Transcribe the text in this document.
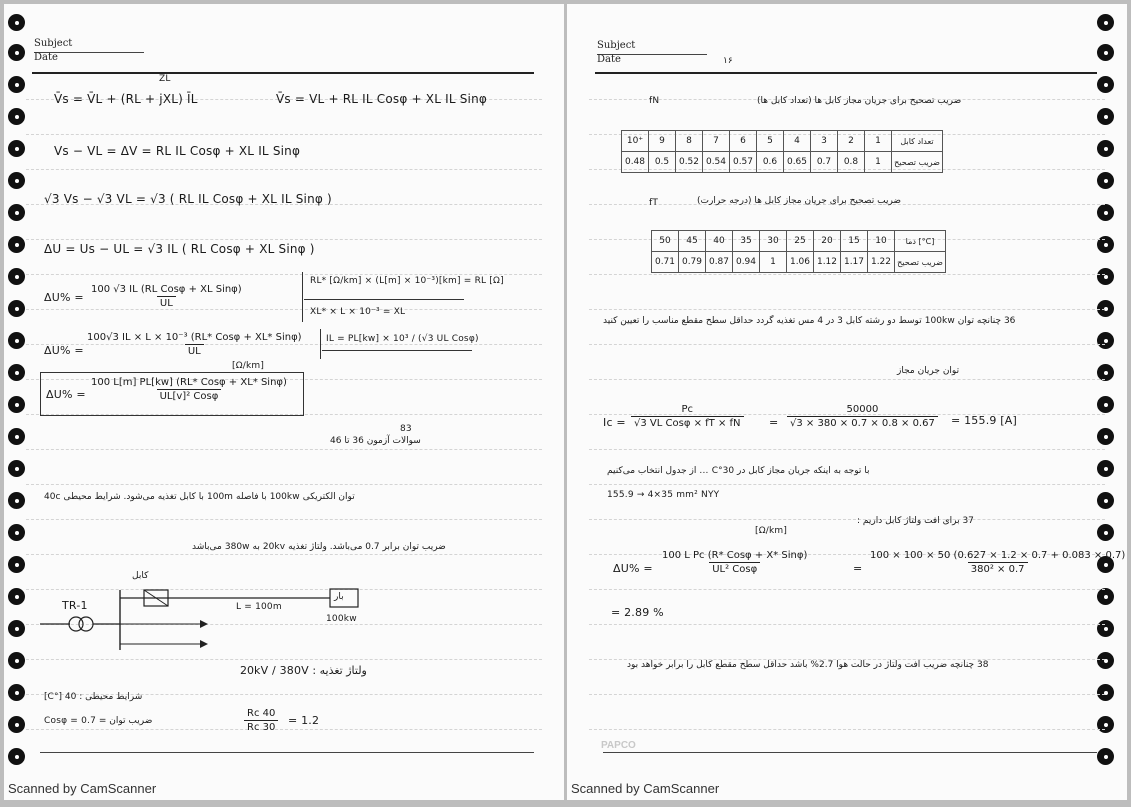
Subject
Date
ZL
V̄s = V̄L + (RL + jXL) ĪL	V̄s = VL + RL IL Cosφ + XL IL Sinφ
Vs − VL = ΔV = RL IL Cosφ + XL IL Sinφ
√3 Vs − √3 VL = √3 ( RL IL Cosφ + XL IL Sinφ )
ΔU = Us − UL = √3 IL ( RL Cosφ + XL Sinφ )
ΔU% =
100 √3 IL (RL Cosφ + XL Sinφ)
UL
RL* [Ω/km] × (L[m] × 10⁻³)[km] = RL [Ω]
XL* × L × 10⁻³ = XL
ΔU% =
100√3 IL × L × 10⁻³ (RL* Cosφ + XL* Sinφ)
UL
IL = PL[kw] × 10³ / (√3 UL Cosφ)
[Ω/km]
ΔU% =
100 L[m] PL[kw] (RL* Cosφ + XL* Sinφ)
UL[v]² Cosφ
سوالات آزمون 36 تا 46
83
توان الکتریکی 100kw با فاصله 100m با کابل تغذیه می‌شود. شرایط محیطی 40c
ضریب توان برابر 0.7 می‌باشد. ولتاژ تغذیه 20kv به 380w می‌باشد
TR-1
کابل
L = 100m
بار
100kw
ولتاژ تغذیه : 20kV / 380V
شرایط محیطی : 40 [°C]
ضریب توان = Cosφ = 0.7	$\frac{Rc 40}{Rc 30} = 1.2$
Scanned by CamScanner
Subject
Date	۱۶
fN	ضریب تصحیح برای جریان مجاز کابل ها (تعداد کابل ها)
10⁺	9	8	7	6	5	4	3	2	1	تعداد کابل
0.48	0.5	0.52	0.54	0.57	0.6	0.65	0.7	0.8	1	ضریب تصحیح
fT	ضریب تصحیح برای جریان مجاز کابل ها (درجه حرارت)
50	45	40	35	30	25	20	15	10	دما [°C]
0.71	0.79	0.87	0.94	1	1.06	1.12	1.17	1.22	ضریب تصحیح
36 چنانچه توان 100kw توسط دو رشته کابل 3 در 4 مس تغذیه گردد حداقل سطح مقطع مناسب را تعیین کنید
توان جریان مجاز
Ic =
Pc
√3 VL Cosφ × fT × fN	= $\frac{50000}{√3 \times 380 \times 0.7 \times 0.8 \times 0.67} = 155.9$ [A]
با توجه به اینکه جریان مجاز کابل در 30°C ... از جدول انتخاب می‌کنیم
155.9 → 4×35 mm² NYY
37 برای افت ولتاژ کابل داریم :
[Ω/km]
ΔU% =
100 L Pc (R* Cosφ + X* Sinφ)
UL² Cosφ	= $\frac{100 \times 100 \times 50 (0.627 \times 1.2 \times 0.7 + 0.083 \times 0.7)}{\text{380² × 0.7}}$
= 2.89 %
38 چنانچه ضریب افت ولتاژ در حالت هوا 2.7% باشد حداقل سطح مقطع کابل را برابر خواهد بود
PAPCO
Scanned by CamScanner
